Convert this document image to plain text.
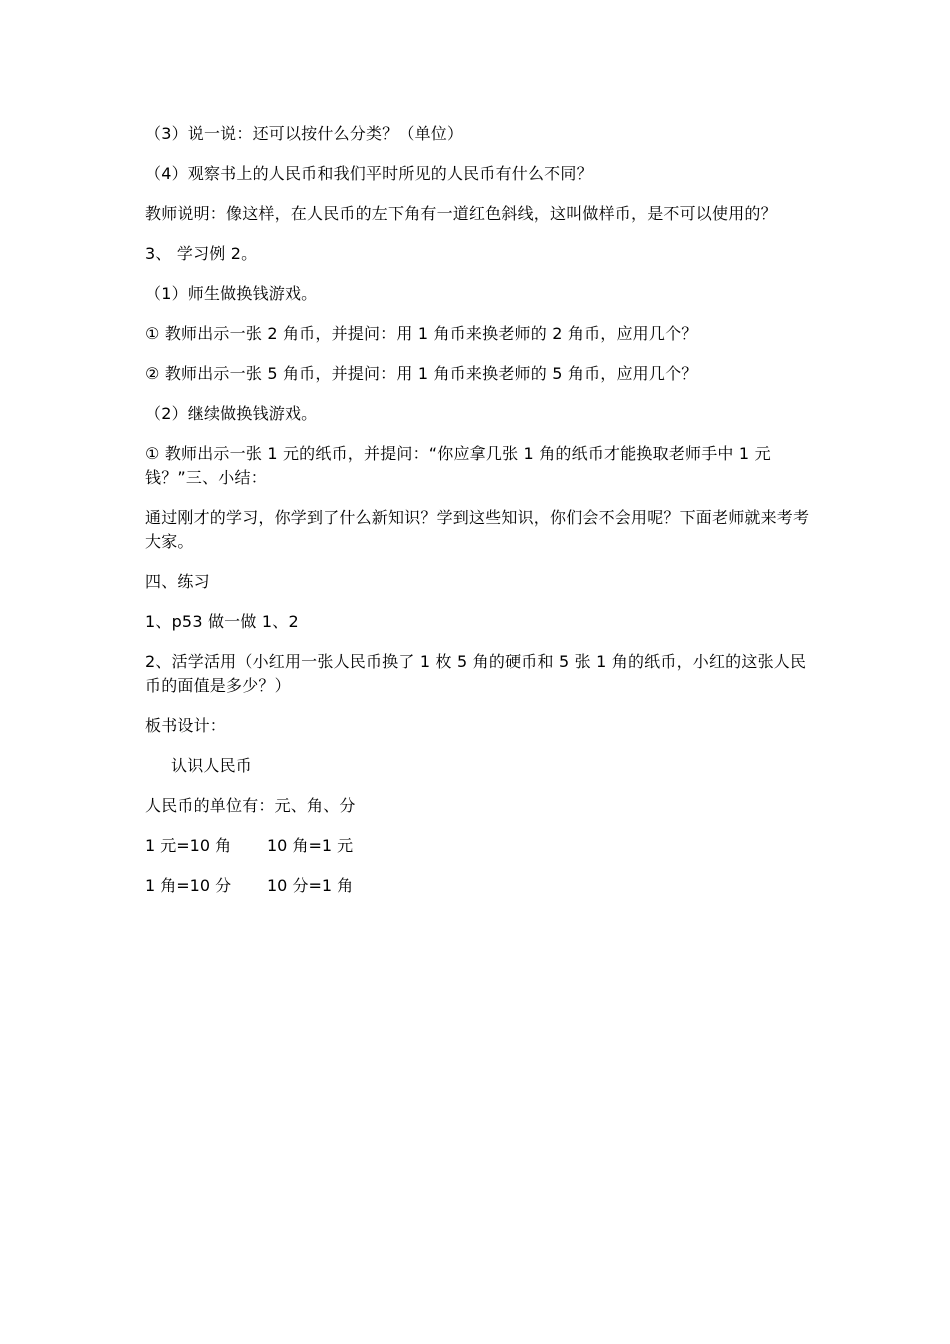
（3）说一说：还可以按什么分类？（单位）

（4）观察书上的人民币和我们平时所见的人民币有什么不同？

教师说明：像这样，在人民币的左下角有一道红色斜线，这叫做样币，是不可以使用的？

3、 学习例 2。

（1）师生做换钱游戏。

① 教师出示一张 2 角币，并提问：用 1 角币来换老师的 2 角币，应用几个？

② 教师出示一张 5 角币，并提问：用 1 角币来换老师的 5 角币，应用几个？

（2）继续做换钱游戏。

① 教师出示一张 1 元的纸币，并提问：“你应拿几张 1 角的纸币才能换取老师手中 1 元钱？”三、小结：

通过刚才的学习，你学到了什么新知识？学到这些知识，你们会不会用呢？下面老师就来考考大家。

四、练习

1、p53 做一做 1、2

2、活学活用（小红用一张人民币换了 1 枚 5 角的硬币和 5 张 1 角的纸币，小红的这张人民币的面值是多少？）

板书设计：

认识人民币

人民币的单位有：元、角、分

1 元=10 角	10 角=1 元
1 角=10 分	10 分=1 角
